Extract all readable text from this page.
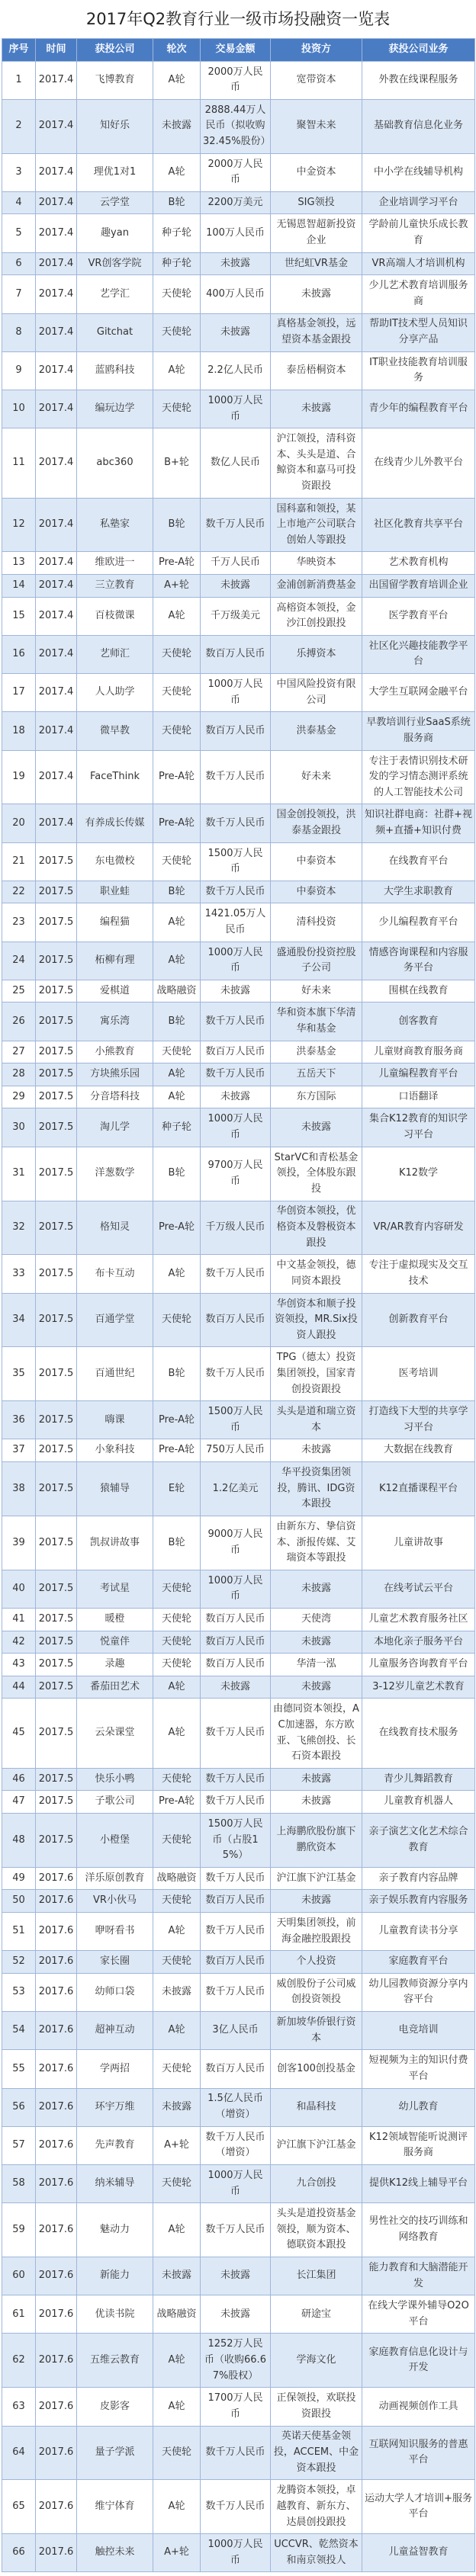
2017年Q2教育行业一级市场投融资一览表
序号	时间	获投公司	轮次	交易金额	投资方	获投公司业务
1	2017.4	飞博教育	A轮	2000万人民币	宽带资本	外教在线课程服务
2	2017.4	知好乐	未披露	2888.44万人民币（拟收购32.45%股份）	聚智未来	基础教育信息化业务
3	2017.4	理优1对1	A轮	2000万人民币	中金资本	中小学在线辅导机构
4	2017.4	云学堂	B轮	2200万美元	SIG领投	企业培训学习平台
5	2017.4	趣yan	种子轮	100万人民币	无锡恩智超新投资企业	学龄前儿童快乐成长教育
6	2017.4	VR创客学院	种子轮	未披露	世纪虹VR基金	VR高端人才培训机构
7	2017.4	艺学汇	天使轮	400万人民币	未披露	少儿艺术教育培训服务商
8	2017.4	Gitchat	天使轮	未披露	真格基金领投，远望资本基金跟投	帮助IT技术型人员知识分享产品
9	2017.4	蓝鸥科技	A轮	2.2亿人民币	泰岳梧桐资本	IT职业技能教育培训服务
10	2017.4	编玩边学	天使轮	1000万人民币	未披露	青少年的编程教育平台
11	2017.4	abc360	B+轮	数亿人民币	沪江领投，清科资本、头头是道、合鲸资本和嘉马可投资跟投	在线青少儿外教平台
12	2017.4	私塾家	B轮	数千万人民币	国科嘉和领投，某上市地产公司联合创始人等跟投	社区化教育共享平台
13	2017.4	维欧进一	Pre-A轮	千万人民币	华映资本	艺术教育机构
14	2017.4	三立教育	A+轮	未披露	金浦创新消费基金	出国留学教育培训企业
15	2017.4	百枝微课	A轮	千万级美元	高榕资本领投，金沙江创投跟投	医学教育平台
16	2017.4	艺师汇	天使轮	数百万人民币	乐搏资本	社区化兴趣技能教学平台
17	2017.4	人人助学	天使轮	1000万人民币	中国风险投资有限公司	大学生互联网金融平台
18	2017.4	微早教	天使轮	数百万人民币	洪泰基金	早教培训行业SaaS系统服务商
19	2017.4	FaceThink	Pre-A轮	数千万人民币	好未来	专注于表情识别技术研发的学习情态测评系统的人工智能技术公司
20	2017.4	有养成长传媒	Pre-A轮	数千万人民币	国金创投领投，洪泰基金跟投	知识社群电商：社群+视频+直播+知识付费
21	2017.5	东电微校	天使轮	1500万人民币	中泰资本	在线教育平台
22	2017.5	职业蛙	B轮	数千万人民币	中泰资本	大学生求职教育
23	2017.5	编程猫	A轮	1421.05万人民币	清科投资	少儿编程教育平台
24	2017.5	柘柳有理	A轮	1000万人民币	盛通股份投资控股子公司	情感咨询课程和内容服务平台
25	2017.5	爱棋道	战略融资	未披露	好未来	围棋在线教育
26	2017.5	寓乐湾	B轮	数千万人民币	华和资本旗下华清华和基金	创客教育
27	2017.5	小熊教育	天使轮	数百万人民币	洪泰基金	儿童财商教育服务商
28	2017.5	方块熊乐园	A轮	数千万人民币	五岳天下	儿童编程教育平台
29	2017.5	分音塔科技	A轮	未披露	东方国际	口语翻译
30	2017.5	淘儿学	种子轮	1000万人民币	未披露	集合K12教育的知识学习平台
31	2017.5	洋葱数学	B轮	9700万人民币	StarVC和青松基金领投，全体股东跟投	K12数学
32	2017.5	格知灵	Pre-A轮	千万级人民币	华创资本领投，优格资本及磐极资本跟投	VR/AR教育内容研发
33	2017.5	布卡互动	A轮	数千万人民币	中文基金领投，德同资本跟投	专注于虚拟现实及交互技术
34	2017.5	百通学堂	天使轮	数百万人民币	华创资本和顺子投资领投，MR.Six投资人跟投	创新教育平台
35	2017.5	百通世纪	B轮	数千万人民币	TPG（德太）投资集团领投，国家青创投资跟投	医考培训
36	2017.5	嗨课	Pre-A轮	1500万人民币	头头是道和瑞立资本	打造线下大型的共享学习平台
37	2017.5	小象科技	Pre-A轮	750万人民币	未披露	大数据在线教育
38	2017.5	猿辅导	E轮	1.2亿美元	华平投资集团领投，腾讯、IDG资本跟投	K12直播课程平台
39	2017.5	凯叔讲故事	B轮	9000万人民币	由新东方、挚信资本、浙报传媒、艾瑞资本等跟投	儿童讲故事
40	2017.5	考试星	天使轮	1000万人民币	未披露	在线考试云平台
41	2017.5	暖橙	天使轮	数百万人民币	天使湾	儿童艺术教育服务社区
42	2017.5	悦童伴	天使轮	数百万人民币	未披露	本地化亲子服务平台
43	2017.5	录趣	天使轮	数百万人民币	华清一泓	儿童服务咨询教育平台
44	2017.5	番茄田艺术	A轮	未披露	未披露	3-12岁儿童艺术教育
45	2017.5	云朵课堂	A轮	数千万人民币	由德同资本领投，AC加速器，东方欧亚、飞熊创投、长石资本跟投	在线教育技术服务
46	2017.5	快乐小鸭	天使轮	数千万人民币	未披露	青少儿舞蹈教育
47	2017.5	子歌公司	Pre-A轮	数千万人民币	未披露	儿童教育机器人
48	2017.5	小橙堡	天使轮	1500万人民币（占股15%）	上海鹏欣股份旗下鹏欣资本	亲子演艺文化艺术综合教育
49	2017.6	洋乐原创教育	战略融资	数千万人民币	沪江旗下沪江基金	亲子教育内容品牌
50	2017.6	VR小伙马	天使轮	数百万人民币	未披露	亲子娱乐教育内容服务
51	2017.6	咿呀看书	A轮	数千万人民币	天明集团领投，前海金融控股跟投	儿童教育读书分享
52	2017.6	家长圈	天使轮	数百万人民币	个人投资	家庭教育平台
53	2017.6	幼师口袋	未披露	数千万人民币	威创股份子公司威创投资领投	幼儿园教师资源分享内容平台
54	2017.6	超神互动	A轮	3亿人民币	新加坡华侨银行资本	电竞培训
55	2017.6	学两招	天使轮	数百万人民币	创客100创投基金	短视频为主的知识付费平台
56	2017.6	环宇万维	未披露	1.5亿人民币（增资）	和晶科技	幼儿教育
57	2017.6	先声教育	A+轮	数千万人民币（增资）	沪江旗下沪江基金	K12领域智能听说测评服务商
58	2017.6	纳米辅导	天使轮	1000万人民币	九合创投	提供K12线上辅导平台
59	2017.6	魅动力	A轮	数千万人民币	头头是道投资基金领投，顺为资本、德联资本跟投	男性社交的技巧训练和网络教育
60	2017.6	新能力	未披露	未披露	长江集团	能力教育和大脑潜能开发
61	2017.6	优读书院	战略融资	未披露	研途宝	在线大学课外辅导O2O平台
62	2017.6	五维云教育	A轮	1252万人民币（收购66.67%股权）	学海文化	家庭教育信息化设计与开发
63	2017.6	皮影客	A轮	1700万人民币	正保领投，欢联投资跟投	动画视频创作工具
64	2017.6	量子学派	天使轮	数千万人民币	英诺天使基金领投，ACCEM、中金资本跟投	互联网知识服务的普惠平台
65	2017.6	维宁体育	A轮	数千万人民币	龙腾资本领投，卓越教育、新东方、达晨创投跟投	运动大学人才培训+服务平台
66	2017.6	触控未来	A+轮	1000万人民币	UCCVR、乾然资本和南京领投人	儿童益智教育
